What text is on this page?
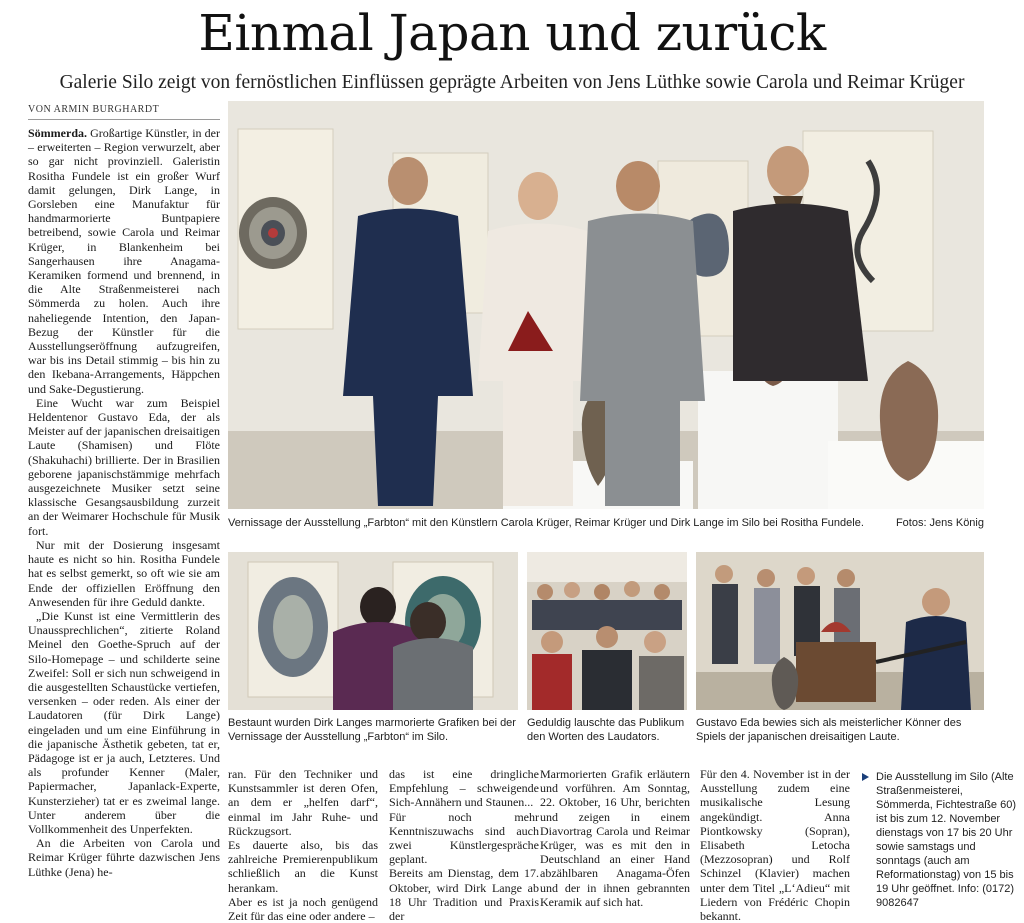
Einmal Japan und zurück
Galerie Silo zeigt von fernöstlichen Einflüssen geprägte Arbeiten von Jens Lüthke sowie Carola und Reimar Krüger
VON ARMIN BURGHARDT

Sömmerda. Großartige Künstler, in der – erweiterten – Region verwurzelt, aber so gar nicht provinziell. Galeristin Rositha Fundele ist ein großer Wurf damit gelungen, Dirk Lange, in Gorsleben eine Manufaktur für handmarmorierte Buntpapiere betreibend, sowie Carola und Reimar Krüger, in Blankenheim bei Sangerhausen ihre Anagama-Keramiken formend und brennend, in die Alte Straßenmeisterei nach Sömmerda zu holen. Auch ihre naheliegende Intention, den Japan-Bezug der Künstler für die Ausstellungseröffnung aufzugreifen, war bis ins Detail stimmig – bis hin zu den Ikebana-Arrangements, Häppchen und Sake-Degustierung.

Eine Wucht war zum Beispiel Heldentenor Gustavo Eda, der als Meister auf der japanischen dreisaitigen Laute (Shamisen) und Flöte (Shakuhachi) brillierte. Der in Brasilien geborene japanischstämmige mehrfach ausgezeichnete Musiker setzt seine klassische Gesangsausbildung zurzeit an der Weimarer Hochschule für Musik fort.

Nur mit der Dosierung insgesamt haute es nicht so hin. Rositha Fundele hat es selbst gemerkt, so oft wie sie am Ende der offiziellen Eröffnung den Anwesenden für ihre Geduld dankte.

„Die Kunst ist eine Vermittlerin des Unaussprechlichen“, zitierte Roland Meinel den Goethe-Spruch auf der Silo-Homepage – und schilderte seine Zweifel: Soll er sich nun schweigend in die ausgestellten Schaustücke vertiefen, versenken – oder reden. Als einer der Laudatoren (für Dirk Lange) eingeladen und um eine Einführung in die japanische Ästhetik gebeten, tat er, Pädagoge ist er ja auch, Letzteres. Und als profunder Kenner (Maler, Papiermacher, Japanlack-Experte, Kunsterzieher) tat er es zweimal lange. Unter anderem über die Vollkommenheit des Unperfekten.

An die Arbeiten von Carola und Reimar Krüger führte dazwischen Jens Lüthke (Jena) he-

Vernissage der Ausstellung „Farbton“ mit den Künstlern Carola Krüger, Reimar Krüger und Dirk Lange im Silo bei Rositha Fundele.	Fotos: Jens König
Bestaunt wurden Dirk Langes marmorierte Grafiken bei der Vernissage der Ausstellung „Farbton“ im Silo.
Geduldig lauschte das Publikum den Worten des Laudators.
Gustavo Eda bewies sich als meisterlicher Könner des Spiels der japanischen dreisaitigen Laute.
ran. Für den Techniker und Kunstsammler ist deren Ofen, an dem er „helfen darf“, einmal im Jahr Ruhe- und Rückzugsort.
Es dauerte also, bis das zahlreiche Premierenpublikum schließlich an die Kunst herankam.
Aber es ist ja noch genügend Zeit für das eine oder andere –
das ist eine dringliche Empfehlung – schweigende Sich-Annähern und Staunen...
Für noch mehr Kenntniszuwachs sind auch zwei Künstlergespräche geplant.
Bereits am Dienstag, dem 17. Oktober, wird Dirk Lange ab 18 Uhr Tradition und Praxis der
Marmorierten Grafik erläutern und vorführen. Am Sonntag, 22. Oktober, 16 Uhr, berichten und zeigen in einem Diavortrag Carola und Reimar Krüger, was es mit den in Deutschland an einer Hand abzählbaren Anagama-Öfen und der in ihnen gebrannten Keramik auf sich hat.
Für den 4. November ist in der Ausstellung zudem eine musikalische Lesung angekündigt. Anna Piontkowsky (Sopran), Elisabeth Letocha (Mezzosopran) und Rolf Schinzel (Klavier) machen unter dem Titel „L‘Adieu“ mit Liedern von Frédéric Chopin bekannt.
Die Ausstellung im Silo (Alte Straßenmeisterei, Sömmerda, Fichtestraße 60) ist bis zum 12. November dienstags von 17 bis 20 Uhr sowie samstags und sonntags (auch am Reformationstag) von 15 bis 19 Uhr geöffnet. Info: (0172) 9082647
